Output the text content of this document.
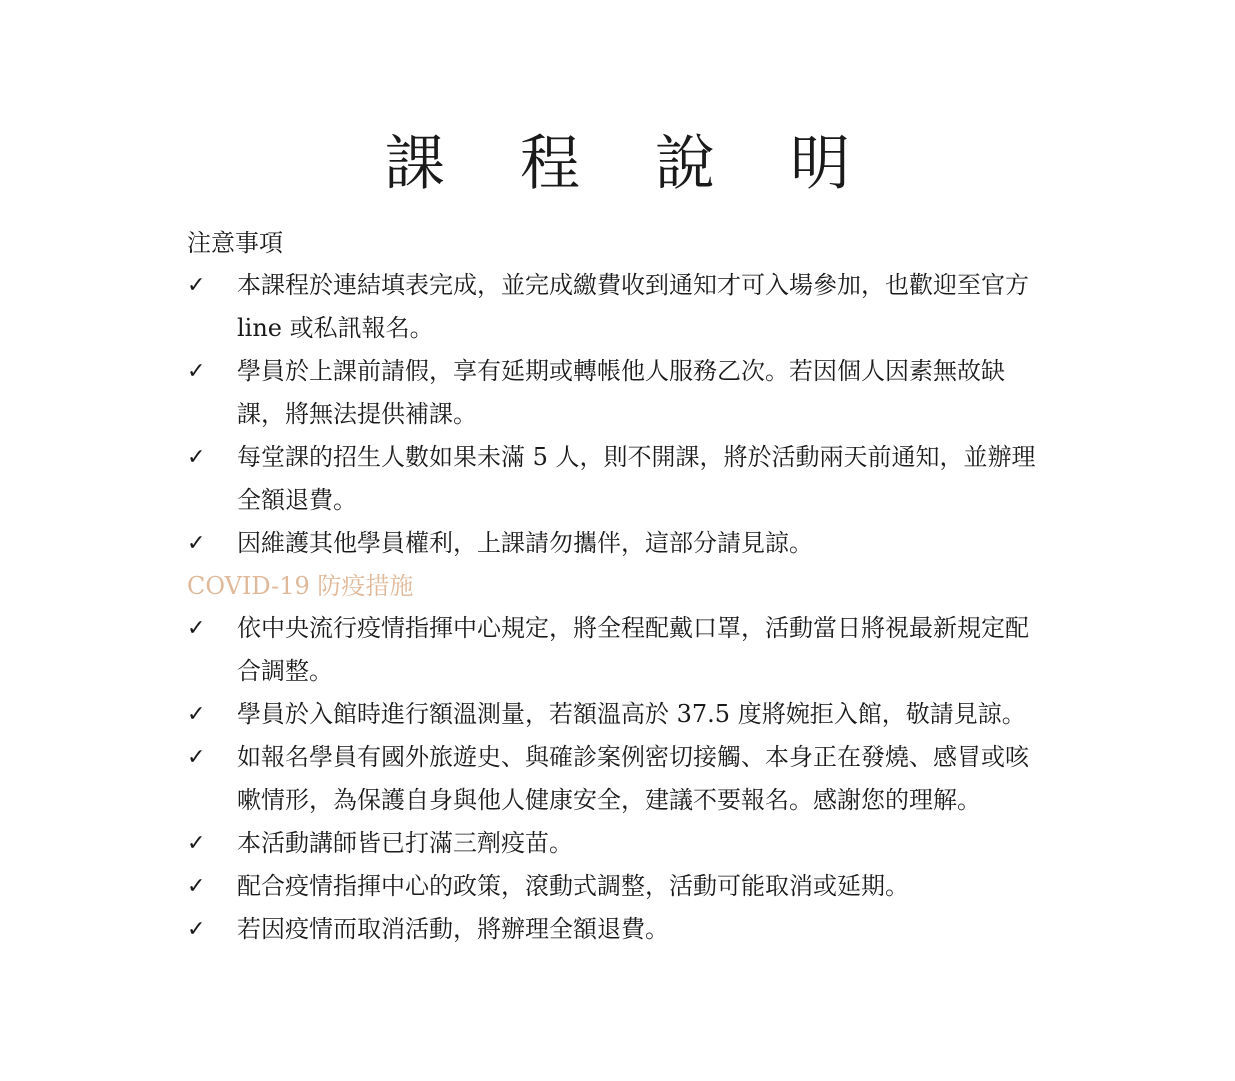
課 程 說 明
注意事項
✓ 本課程於連結填表完成，並完成繳費收到通知才可入場參加，也歡迎至官方 line 或私訊報名。
✓ 學員於上課前請假，享有延期或轉帳他人服務乙次。若因個人因素無故缺課，將無法提供補課。
✓ 每堂課的招生人數如果未滿 5 人，則不開課，將於活動兩天前通知，並辦理全額退費。
✓ 因維護其他學員權利，上課請勿攜伴，這部分請見諒。
COVID-19 防疫措施
✓ 依中央流行疫情指揮中心規定，將全程配戴口罩，活動當日將視最新規定配合調整。
✓ 學員於入館時進行額溫測量，若額溫高於 37.5 度將婉拒入館，敬請見諒。
✓ 如報名學員有國外旅遊史、與確診案例密切接觸、本身正在發燒、感冒或咳嗽情形，為保護自身與他人健康安全，建議不要報名。感謝您的理解。
✓ 本活動講師皆已打滿三劑疫苗。
✓ 配合疫情指揮中心的政策，滾動式調整，活動可能取消或延期。
✓ 若因疫情而取消活動，將辦理全額退費。
